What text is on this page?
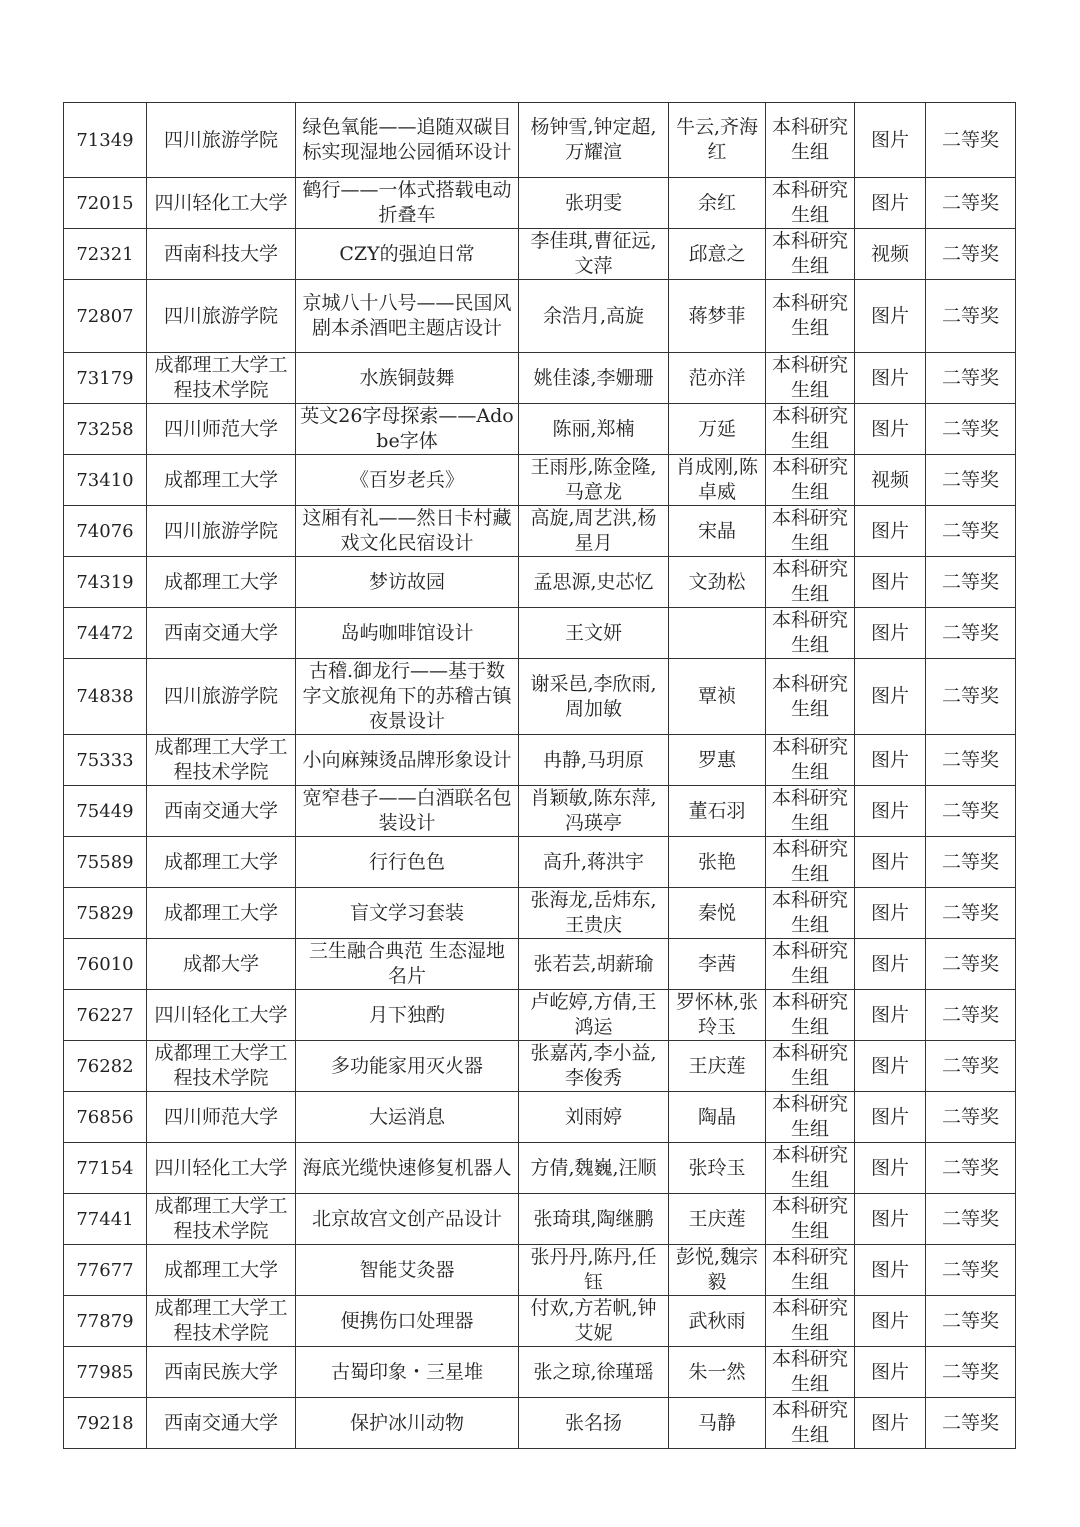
71349	四川旅游学院	绿色氧能——追随双碳目标实现湿地公园循环设计	杨钟雪,钟定超,万耀渲	牛云,齐海红	本科研究生组	图片	二等奖
72015	四川轻化工大学	鹤行——一体式搭载电动折叠车	张玥雯	余红	本科研究生组	图片	二等奖
72321	西南科技大学	CZY的强迫日常	李佳琪,曹征远,文萍	邱意之	本科研究生组	视频	二等奖
72807	四川旅游学院	京城八十八号——民国风剧本杀酒吧主题店设计	余浩月,高旋	蒋梦菲	本科研究生组	图片	二等奖
73179	成都理工大学工程技术学院	水族铜鼓舞	姚佳漆,李姗珊	范亦洋	本科研究生组	图片	二等奖
73258	四川师范大学	英文26字母探索——Adobe字体	陈丽,郑楠	万延	本科研究生组	图片	二等奖
73410	成都理工大学	《百岁老兵》	王雨彤,陈金隆,马意龙	肖成刚,陈卓威	本科研究生组	视频	二等奖
74076	四川旅游学院	这厢有礼——然日卡村藏戏文化民宿设计	高旋,周艺洪,杨星月	宋晶	本科研究生组	图片	二等奖
74319	成都理工大学	梦访故园	孟思源,史芯忆	文劲松	本科研究生组	图片	二等奖
74472	西南交通大学	岛屿咖啡馆设计	王文妍		本科研究生组	图片	二等奖
74838	四川旅游学院	古稽.御龙行——基于数字文旅视角下的苏稽古镇夜景设计	谢采邑,李欣雨,周加敏	覃祯	本科研究生组	图片	二等奖
75333	成都理工大学工程技术学院	小向麻辣烫品牌形象设计	冉静,马玥原	罗惠	本科研究生组	图片	二等奖
75449	西南交通大学	宽窄巷子——白酒联名包装设计	肖颖敏,陈东萍,冯瑛亭	董石羽	本科研究生组	图片	二等奖
75589	成都理工大学	行行色色	高升,蒋洪宇	张艳	本科研究生组	图片	二等奖
75829	成都理工大学	盲文学习套装	张海龙,岳炜东,王贵庆	秦悦	本科研究生组	图片	二等奖
76010	成都大学	三生融合典范 生态湿地名片	张若芸,胡薪瑜	李茜	本科研究生组	图片	二等奖
76227	四川轻化工大学	月下独酌	卢屹婷,方倩,王鸿运	罗怀林,张玲玉	本科研究生组	图片	二等奖
76282	成都理工大学工程技术学院	多功能家用灭火器	张嘉芮,李小益,李俊秀	王庆莲	本科研究生组	图片	二等奖
76856	四川师范大学	大运消息	刘雨婷	陶晶	本科研究生组	图片	二等奖
77154	四川轻化工大学	海底光缆快速修复机器人	方倩,魏巍,汪顺	张玲玉	本科研究生组	图片	二等奖
77441	成都理工大学工程技术学院	北京故宫文创产品设计	张琦琪,陶继鹏	王庆莲	本科研究生组	图片	二等奖
77677	成都理工大学	智能艾灸器	张丹丹,陈丹,任钰	彭悦,魏宗毅	本科研究生组	图片	二等奖
77879	成都理工大学工程技术学院	便携伤口处理器	付欢,方若帆,钟艾妮	武秋雨	本科研究生组	图片	二等奖
77985	西南民族大学	古蜀印象・三星堆	张之琼,徐瑾瑶	朱一然	本科研究生组	图片	二等奖
79218	西南交通大学	保护冰川动物	张名扬	马静	本科研究生组	图片	二等奖
